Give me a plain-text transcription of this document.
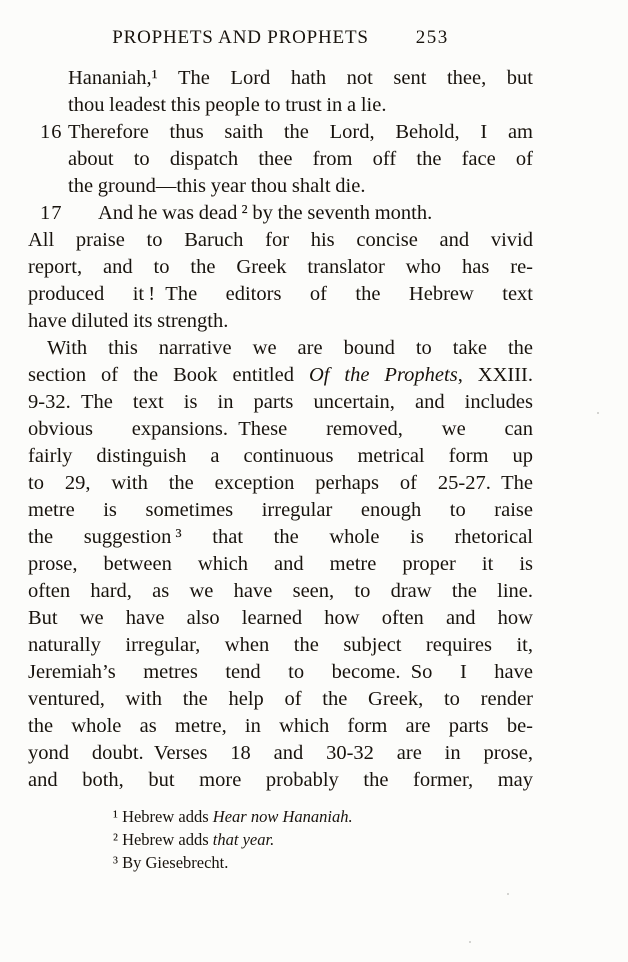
PROPHETS AND PROPHETS 253
Hananiah,¹ The Lord hath not sent thee, but
thou leadest this people to trust in a lie.
16 Therefore thus saith the Lord, Behold, I am
about to dispatch thee from off the face of
the ground—this year thou shalt die.
17 And he was dead ² by the seventh month.
All praise to Baruch for his concise and vivid
report, and to the Greek translator who has re-
produced it ! The editors of the Hebrew text
have diluted its strength.
With this narrative we are bound to take the
section of the Book entitled Of the Prophets, XXIII.
9-32. The text is in parts uncertain, and includes
obvious expansions. These removed, we can
fairly distinguish a continuous metrical form up
to 29, with the exception perhaps of 25-27. The
metre is sometimes irregular enough to raise
the suggestion ³ that the whole is rhetorical
prose, between which and metre proper it is
often hard, as we have seen, to draw the line.
But we have also learned how often and how
naturally irregular, when the subject requires it,
Jeremiah’s metres tend to become. So I have
ventured, with the help of the Greek, to render
the whole as metre, in which form are parts be-
yond doubt. Verses 18 and 30-32 are in prose,
and both, but more probably the former, may
¹ Hebrew adds Hear now Hananiah.
² Hebrew adds that year.
³ By Giesebrecht.
